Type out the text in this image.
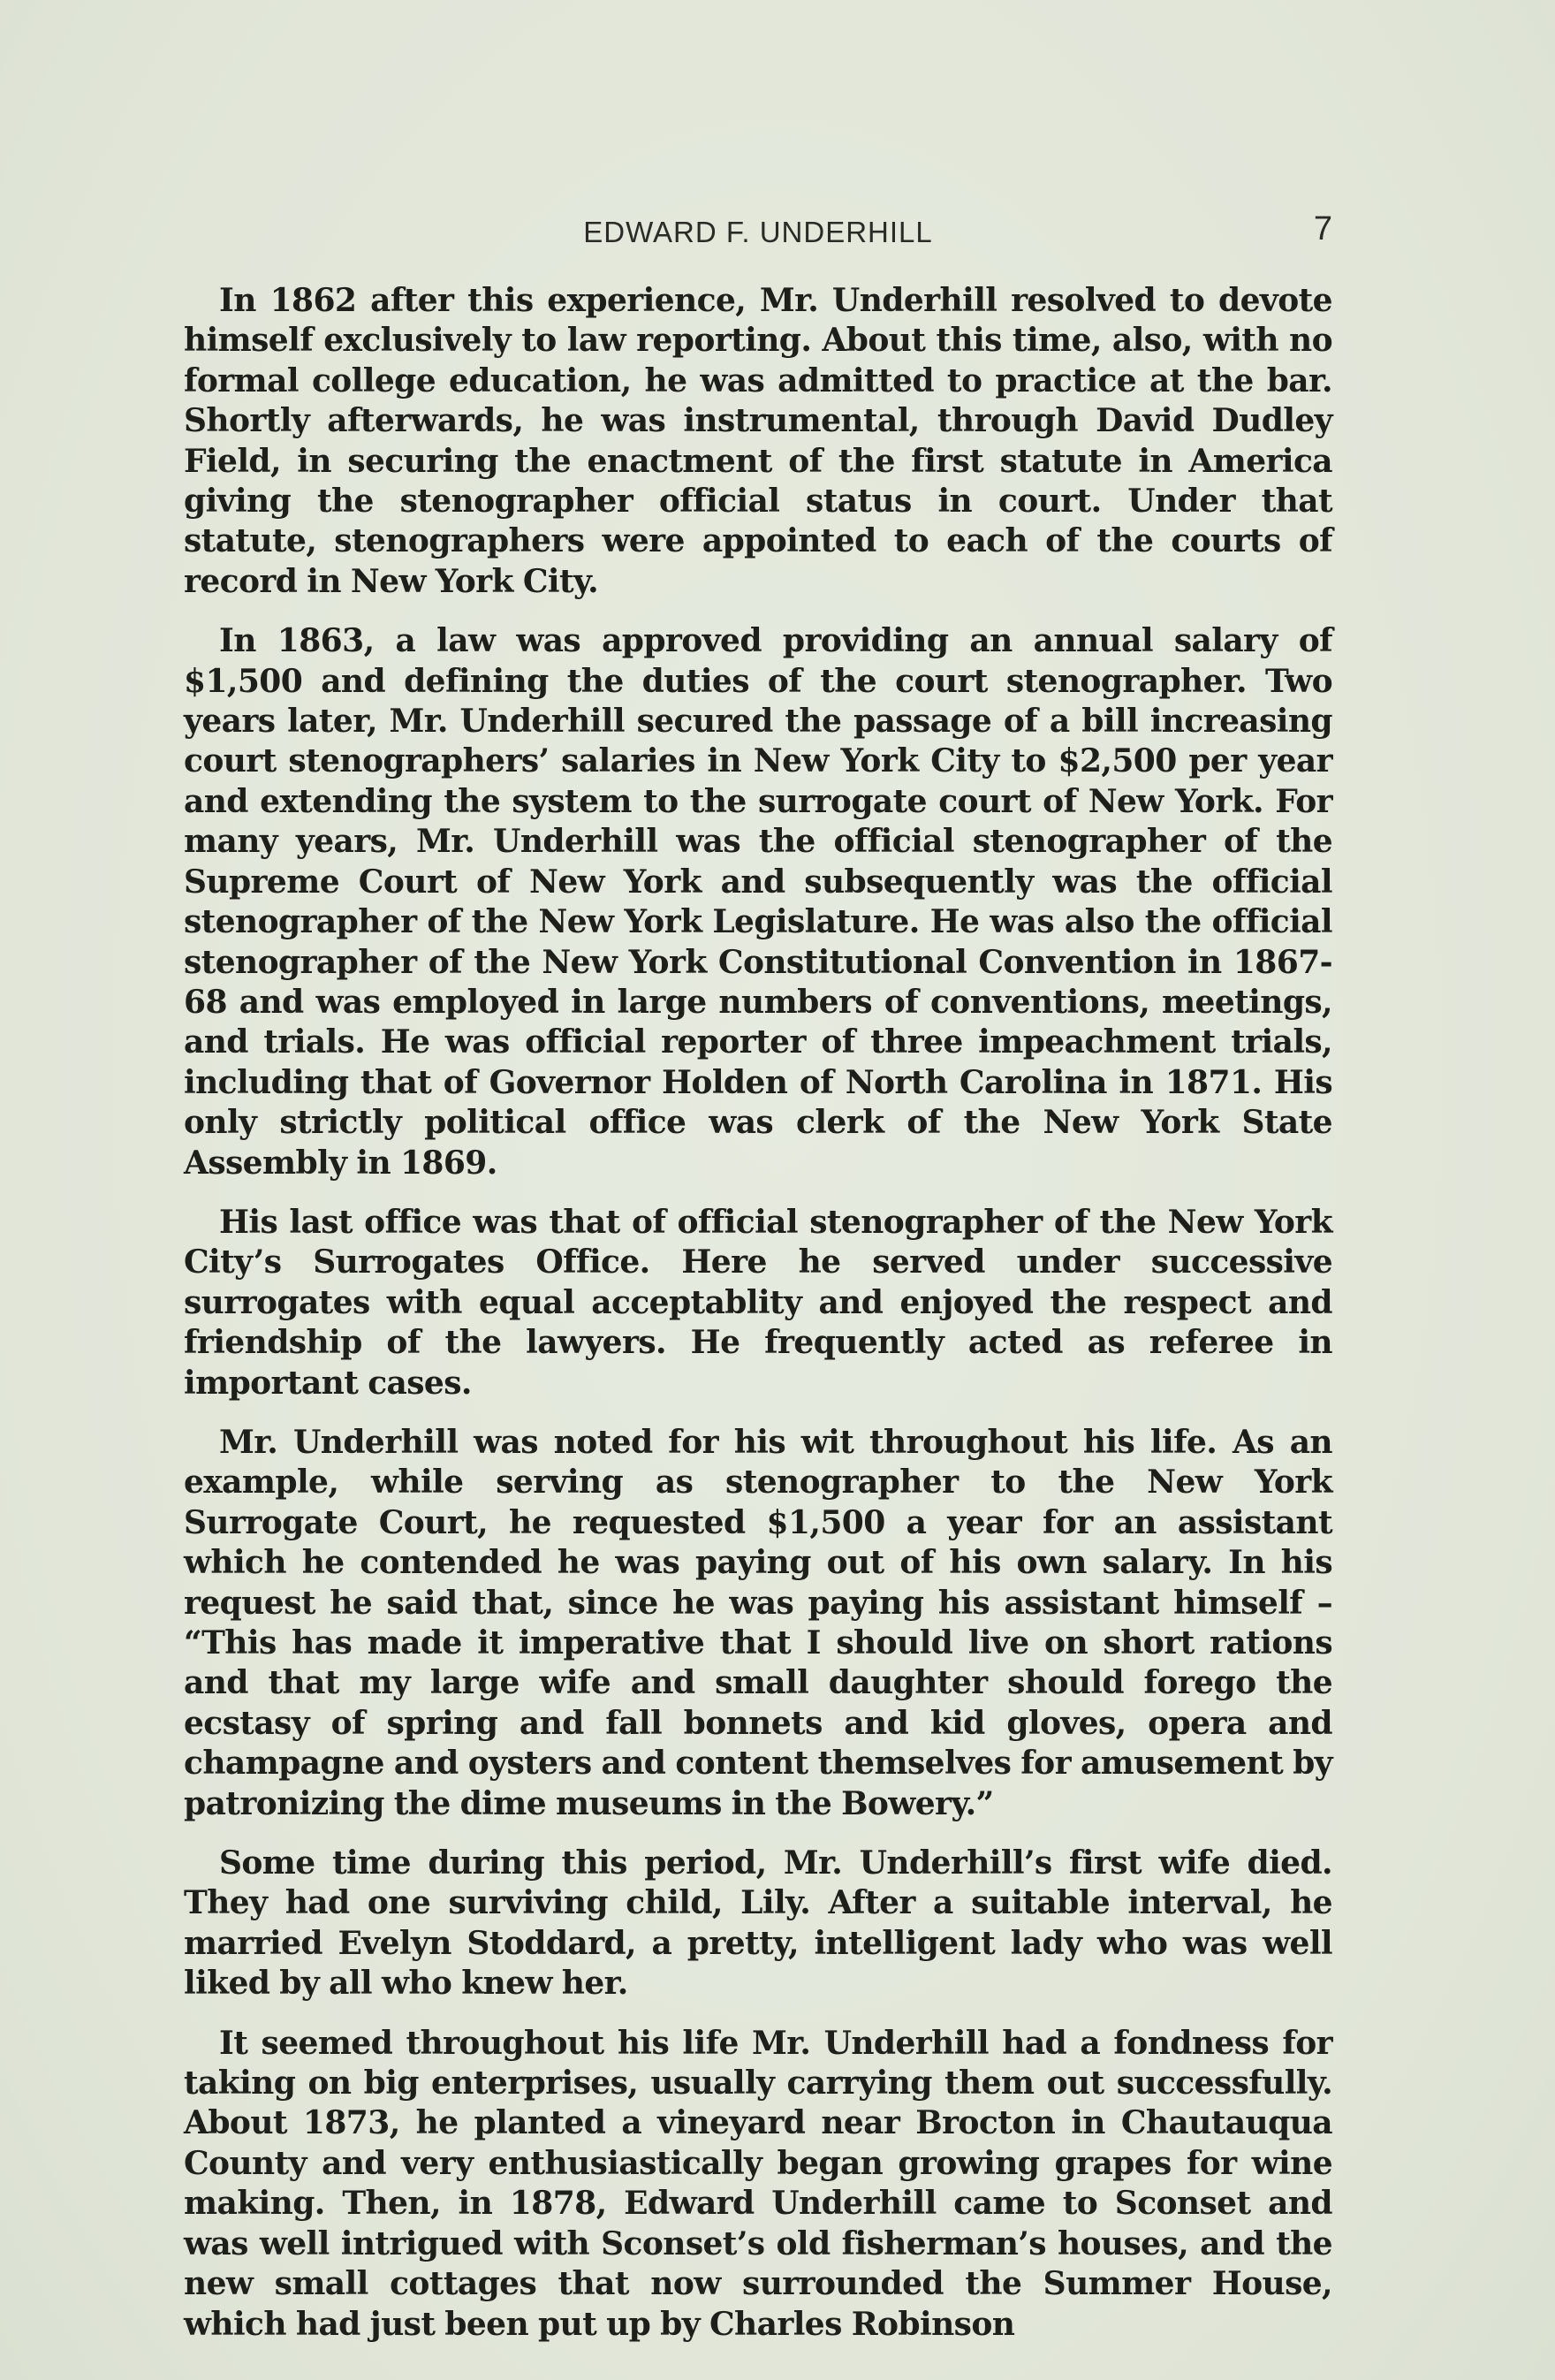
EDWARD F. UNDERHILL	7

In 1862 after this experience, Mr. Underhill resolved to devote himself exclusively to law reporting. About this time, also, with no formal college education, he was admitted to practice at the bar. Shortly afterwards, he was instrumental, through David Dudley Field, in securing the enactment of the first statute in America giving the stenographer official status in court. Under that statute, stenographers were appointed to each of the courts of record in New York City.

In 1863, a law was approved providing an annual salary of $1,500 and defining the duties of the court stenographer. Two years later, Mr. Underhill secured the passage of a bill increasing court stenographers’ salaries in New York City to $2,500 per year and extending the system to the surrogate court of New York. For many years, Mr. Underhill was the official stenographer of the Supreme Court of New York and subsequently was the official stenographer of the New York Legislature. He was also the official stenographer of the New York Constitutional Convention in 1867-68 and was employed in large numbers of conventions, meetings, and trials. He was official reporter of three impeachment trials, including that of Governor Holden of North Carolina in 1871. His only strictly political office was clerk of the New York State Assembly in 1869.

His last office was that of official stenographer of the New York City’s Surrogates Office. Here he served under successive surrogates with equal acceptablity and enjoyed the respect and friendship of the lawyers. He frequently acted as referee in important cases.

Mr. Underhill was noted for his wit throughout his life. As an example, while serving as stenographer to the New York Surrogate Court, he requested $1,500 a year for an assistant which he contended he was paying out of his own salary. In his request he said that, since he was paying his assistant himself – “This has made it imperative that I should live on short rations and that my large wife and small daughter should forego the ecstasy of spring and fall bonnets and kid gloves, opera and champagne and oysters and content themselves for amusement by patronizing the dime museums in the Bowery.”

Some time during this period, Mr. Underhill’s first wife died. They had one surviving child, Lily. After a suitable interval, he married Evelyn Stoddard, a pretty, intelligent lady who was well liked by all who knew her.

It seemed throughout his life Mr. Underhill had a fondness for taking on big enterprises, usually carrying them out successfully. About 1873, he planted a vineyard near Brocton in Chautauqua County and very enthusiastically began growing grapes for wine making. Then, in 1878, Edward Underhill came to Sconset and was well intrigued with Sconset’s old fisherman’s houses, and the new small cottages that now surrounded the Summer House, which had just been put up by Charles Robinson
